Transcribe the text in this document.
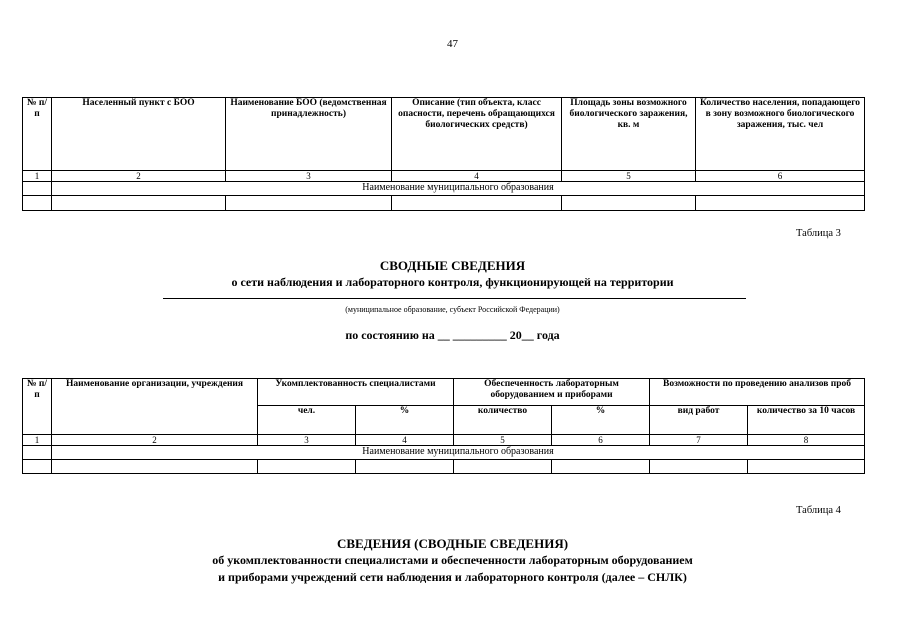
47
№ п/п	Населенный пункт с БОО	Наименование БОО (ведомственная принадлежность)	Описание (тип объекта, класс опасности, перечень обращающихся биологических средств)	Площадь зоны возможного биологического заражения, кв. м	Количество населения, попадающего в зону возможного биологического заражения, тыс. чел
1	2	3	4	5	6
	Наименование муниципального образования				

Таблица 3
СВОДНЫЕ СВЕДЕНИЯ
о сети наблюдения и лабораторного контроля, функционирующей на территории
(муниципальное образование, субъект Российской Федерации)
по состоянию на __ _________ 20__ года
№ п/п	Наименование организации, учреждения	Укомплектованность специалистами		Обеспеченность лабораторным оборудованием и приборами		Возможности по проведению анализов проб	
		чел.	%	количество	%	вид работ	количество за 10 часов
1	2	3	4	5	6	7	8
	Наименование муниципального образования						

Таблица 4
СВЕДЕНИЯ (СВОДНЫЕ СВЕДЕНИЯ)
об укомплектованности специалистами и обеспеченности лабораторным оборудованием
и приборами учреждений сети наблюдения и лабораторного контроля (далее – СНЛК)
